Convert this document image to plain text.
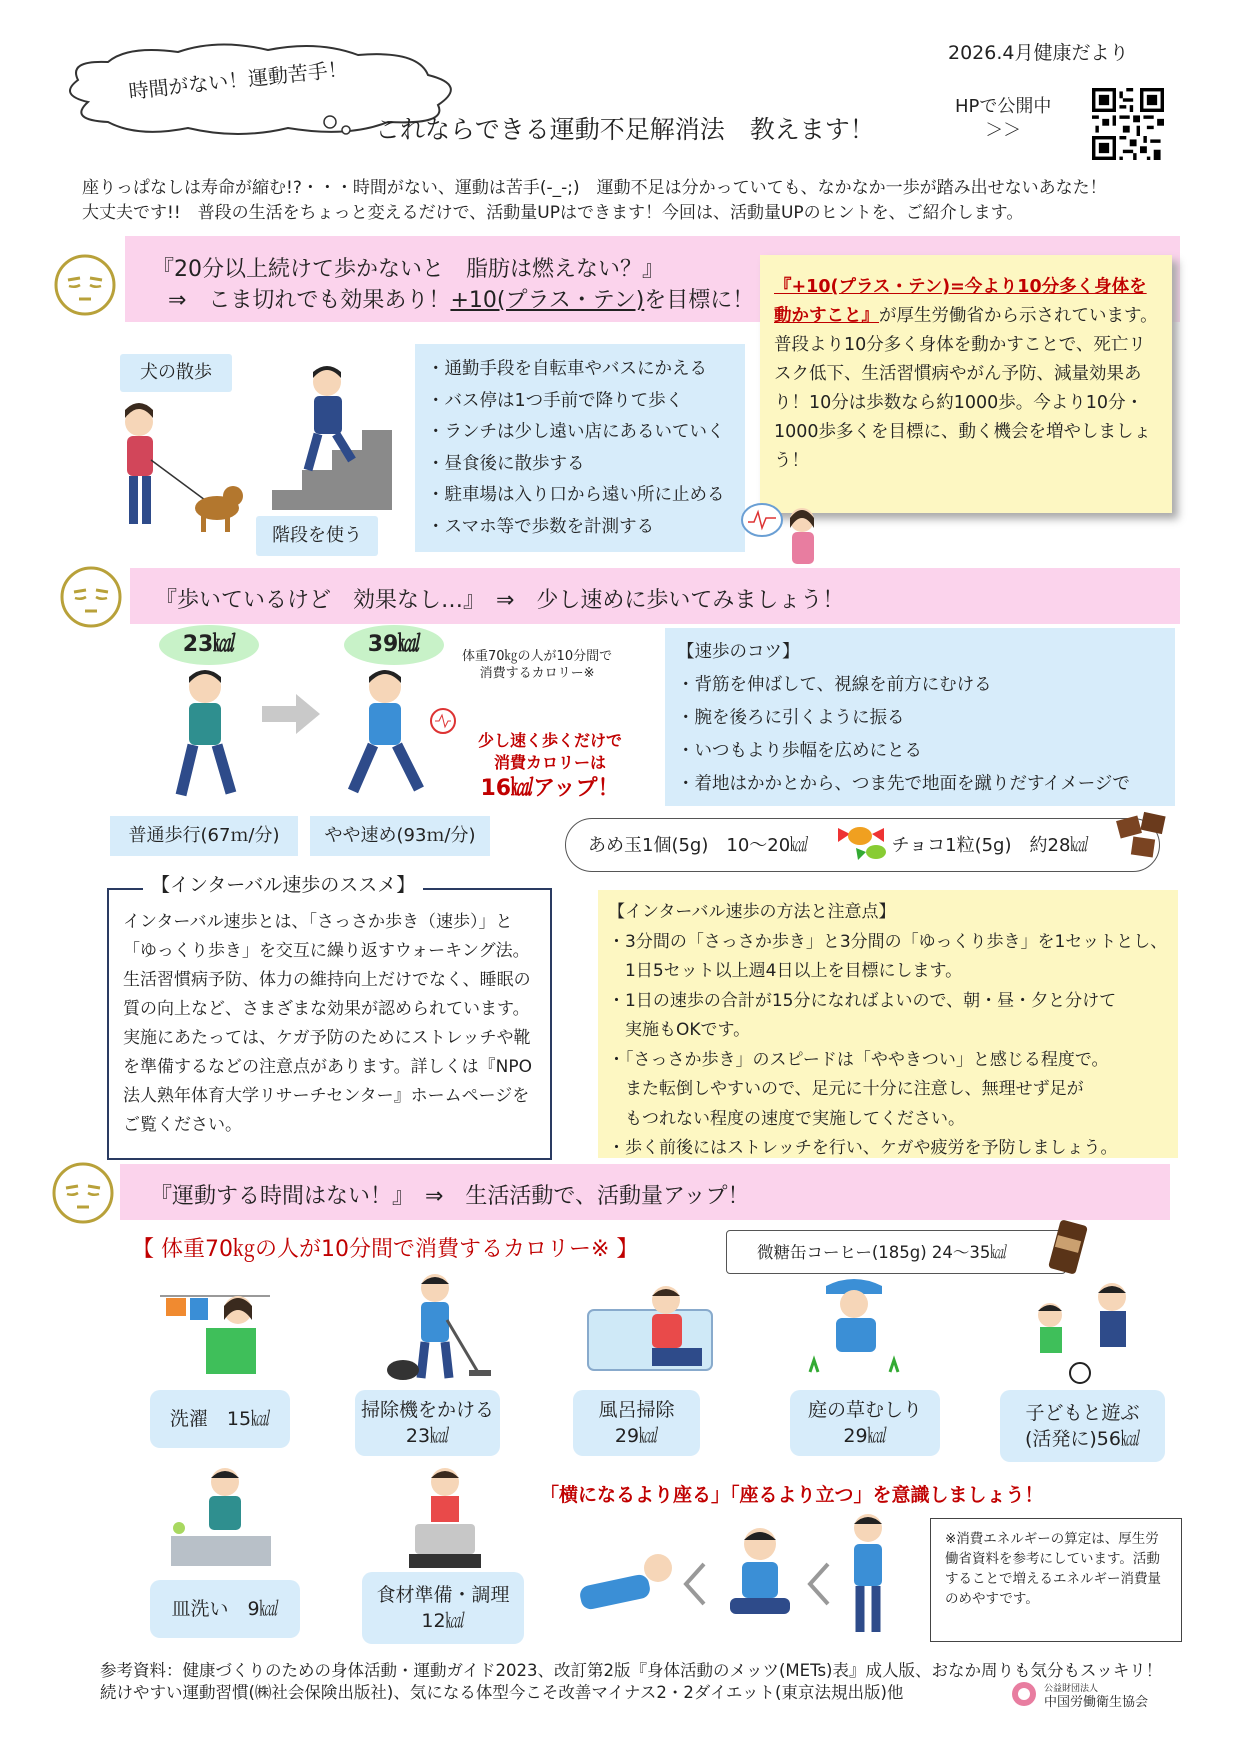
時間がない！運動苦手！
これならできる運動不足解消法　教えます！
2026.4月健康だより
HPで公開中
＞＞
座りっぱなしは寿命が縮む!?・・・時間がない、運動は苦手(-_-;)　運動不足は分かっていても、なかなか一歩が踏み出せないあなた！
大丈夫です!!　普段の生活をちょっと変えるだけで、活動量UPはできます！今回は、活動量UPのヒントを、ご紹介します。
『20分以上続けて歩かないと　脂肪は燃えない？』
⇒　こま切れでも効果あり！+10(プラス・テン)を目標に！
『+10(プラス・テン)=今より10分多く身体を動かすこと』が厚生労働省から示されています。普段より10分多く身体を動かすことで、死亡リスク低下、生活習慣病やがん予防、減量効果あり！10分は歩数なら約1000歩。今より10分・1000歩多くを目標に、動く機会を増やしましょう！
犬の散歩
階段を使う
・通勤手段を自転車やバスにかえる
・バス停は1つ手前で降りて歩く
・ランチは少し遠い店にあるいていく
・昼食後に散歩する
・駐車場は入り口から遠い所に止める
・スマホ等で歩数を計測する
『歩いているけど　効果なし…』　⇒　少し速めに歩いてみましょう！
23㎉	39㎉	体重70㎏の人が10分間で
消費するカロリー※
少し速く歩くだけで
消費カロリーは
16㎉アップ！
普通歩行(67ｍ/分)	やや速め(93ｍ/分)
【速歩のコツ】
・背筋を伸ばして、視線を前方にむける
・腕を後ろに引くように振る
・いつもより歩幅を広めにとる
・着地はかかとから、つま先で地面を蹴りだすイメージで
あめ玉1個(5g)　10～20㎉	チョコ1粒(5g)　約28㎉
インターバル速歩とは、「さっさか歩き（速歩）」と「ゆっくり歩き」を交互に繰り返すウォーキング法。生活習慣病予防、体力の維持向上だけでなく、睡眠の質の向上など、さまざまな効果が認められています。実施にあたっては、ケガ予防のためにストレッチや靴を準備するなどの注意点があります。詳しくは『NPO法人熟年体育大学リサーチセンター』ホームページをご覧ください。
【インターバル速歩のススメ】
【インターバル速歩の方法と注意点】
・3分間の「さっさか歩き」と3分間の「ゆっくり歩き」を1セットとし、
　1日5セット以上週4日以上を目標にします。
・1日の速歩の合計が15分になればよいので、朝・昼・夕と分けて
　実施もOKです。
・「さっさか歩き」のスピードは「ややきつい」と感じる程度で。
　また転倒しやすいので、足元に十分に注意し、無理せず足が
　もつれない程度の速度で実施してください。
・歩く前後にはストレッチを行い、ケガや疲労を予防しましょう。
『運動する時間はない！』　⇒　生活活動で、活動量アップ！
【 体重70㎏の人が10分間で消費するカロリー※ 】	微糖缶コーヒー(185g) 24～35㎉
洗濯　15㎉	掃除機をかける
23㎉
風呂掃除
29㎉
庭の草むしり
29㎉
子どもと遊ぶ
(活発に)56㎉
皿洗い　9㎉
食材準備・調理
12㎉
「横になるより座る」「座るより立つ」を意識しましょう！
※消費エネルギーの算定は、厚生労働省資料を参考にしています。活動することで増えるエネルギー消費量のめやすです。
参考資料：健康づくりのための身体活動・運動ガイド2023、改訂第2版『身体活動のメッツ(METs)表』成人版、おなか周りも気分もスッキリ！
続けやすい運動習慣(㈱社会保険出版社)、気になる体型今こそ改善マイナス2・2ダイエット(東京法規出版)他	公益財団法人
中国労働衛生協会
